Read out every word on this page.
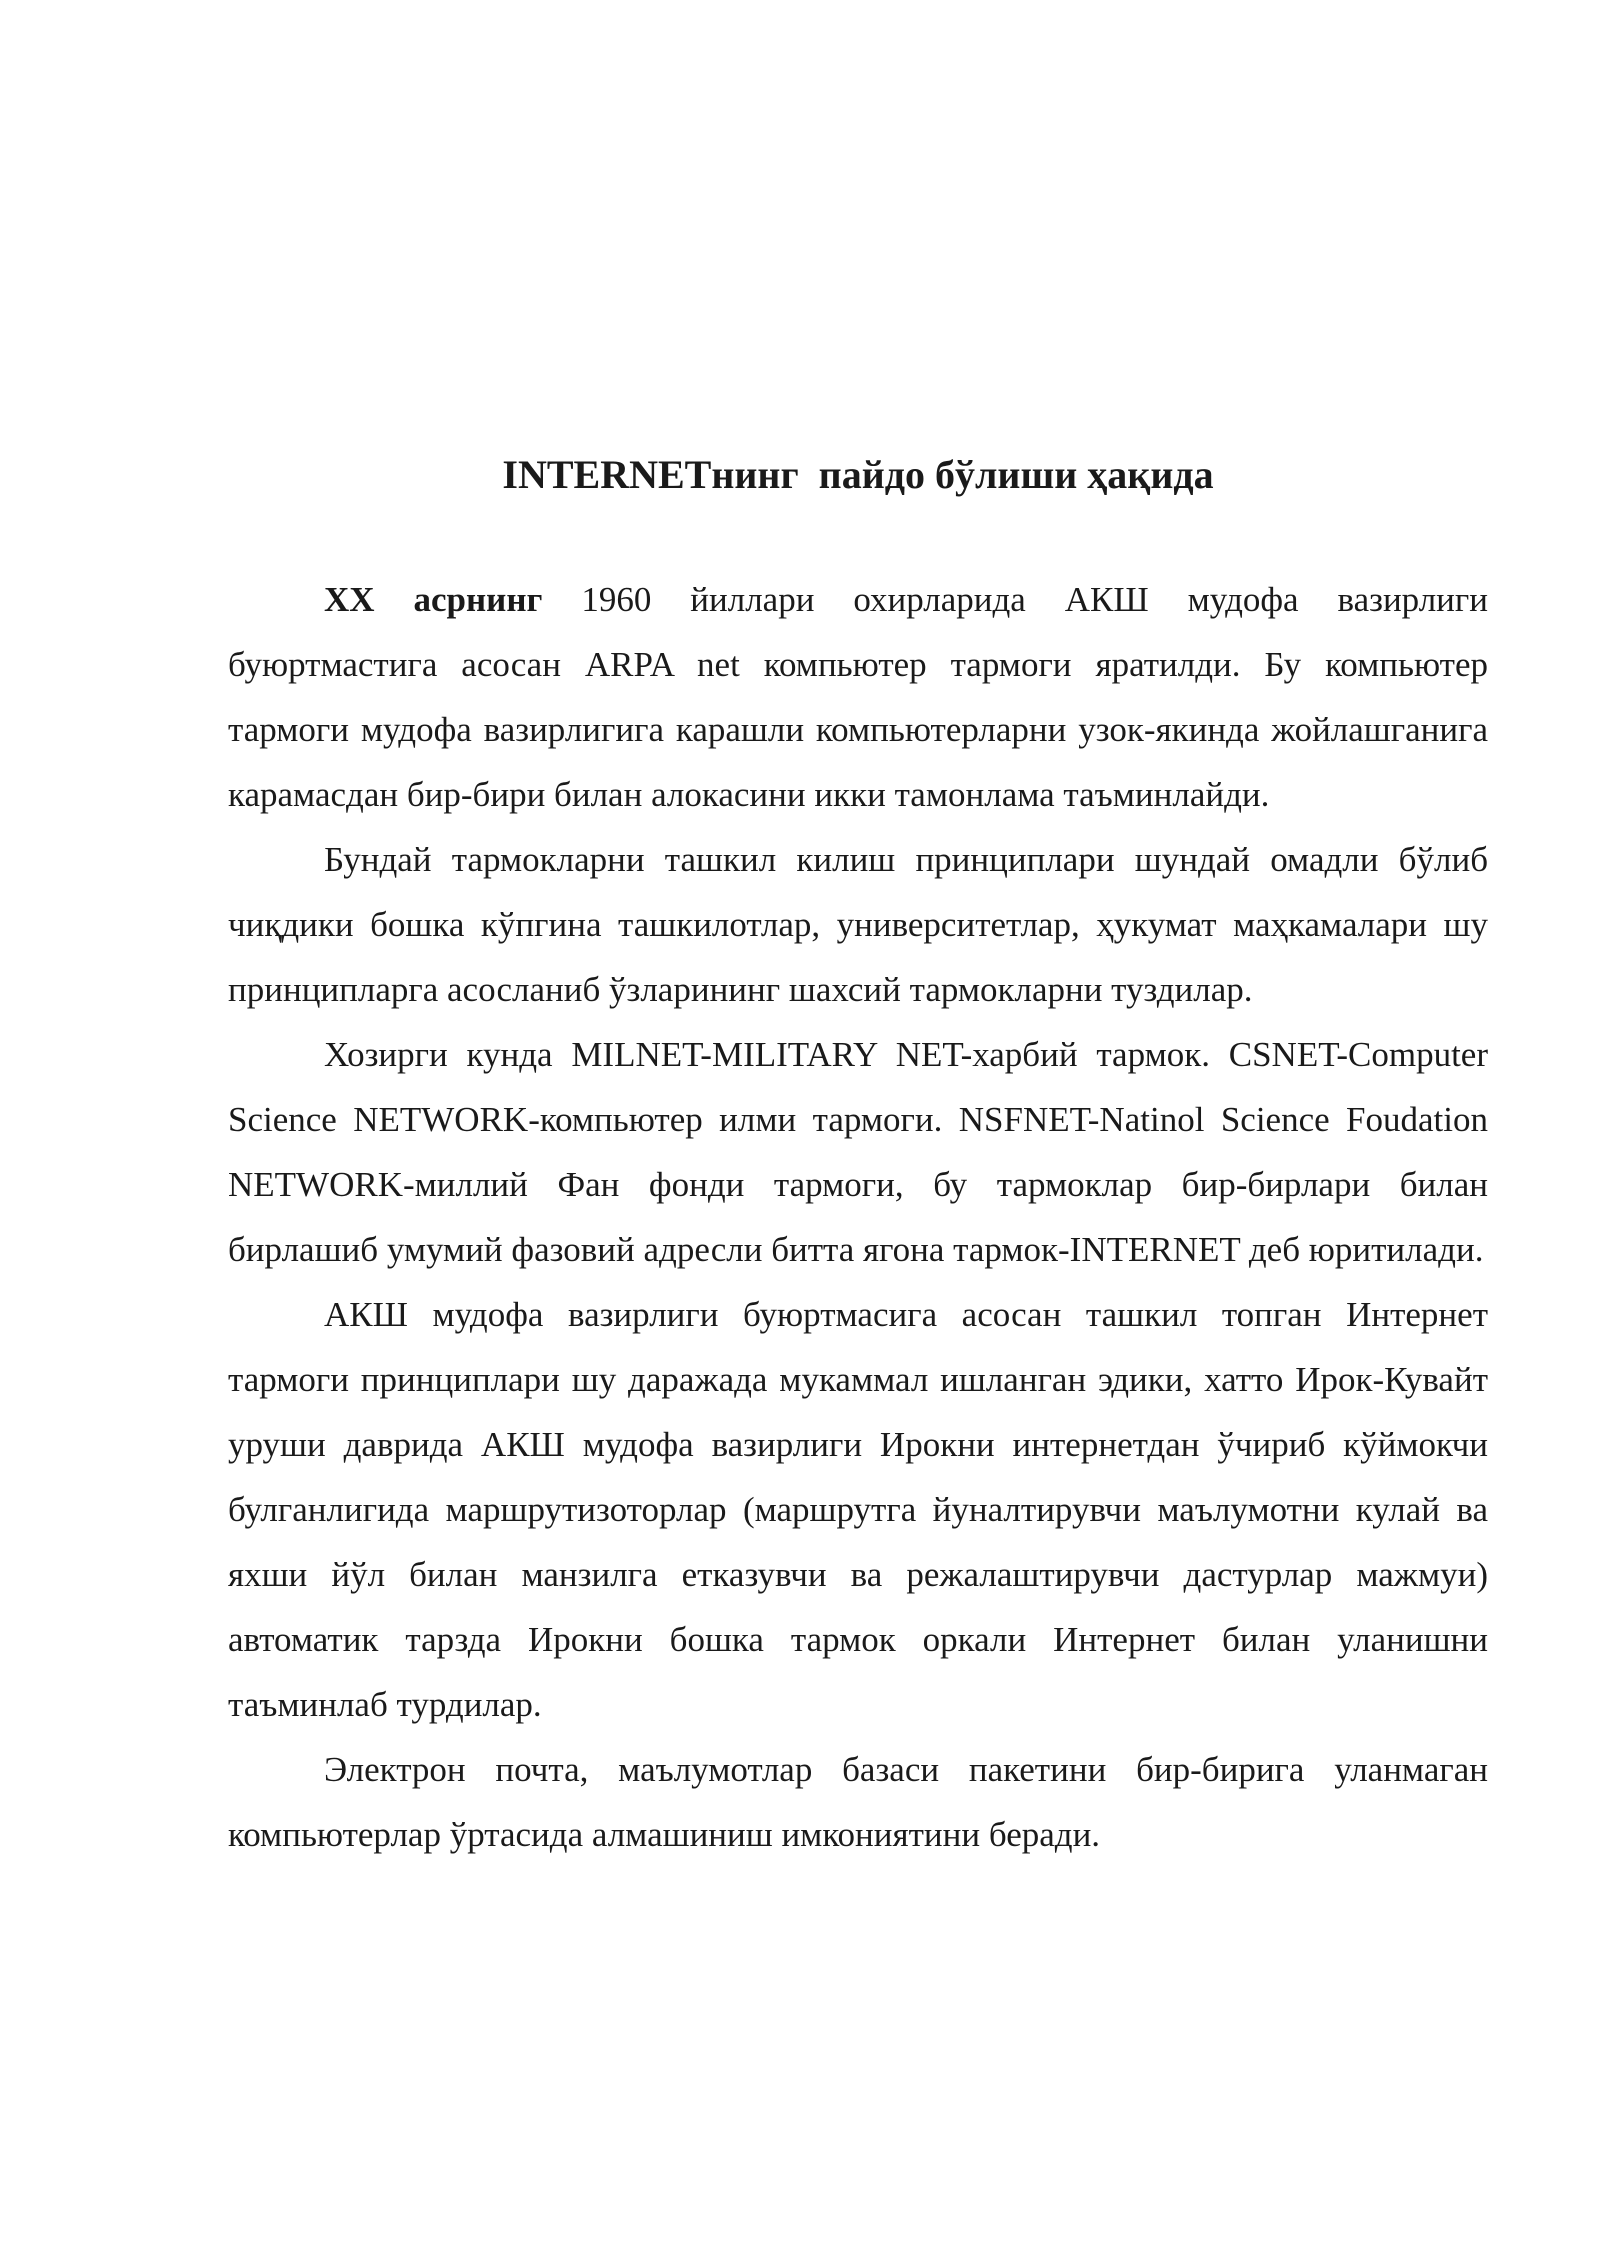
INTERNETнинг  пайдо бўлиши ҳақида

XX асрнинг 1960 йиллари охирларида АКШ мудофа вазирлиги буюртмастига асосан ARPA net компьютер тармоги яратилди. Бу компьютер тармоги мудофа вазирлигига карашли компьютерларни узок-якинда жойлашганига карамасдан бир-бири билан алокасини икки тамонлама таъминлайди.

Бундай тармокларни ташкил килиш принциплари шундай омадли бўлиб чиқдики бошка кўпгина ташкилотлар, университетлар, ҳукумат маҳкамалари шу принципларга асосланиб ўзларининг шахсий тармокларни туздилар.

Хозирги кунда MILNET-MILITARY NET-харбий тармок. CSNET-Computer Science NETWORK-компьютер илми тармоги. NSFNET-Natinol Science Foudation NETWORK-миллий Фан фонди тармоги, бу тармоклар бир-бирлари билан бирлашиб умумий фазовий адресли битта ягона тармок-INTERNET деб юритилади.

АКШ мудофа вазирлиги буюртмасига асосан ташкил топган Интернет тармоги принциплари шу даражада мукаммал ишланган эдики, хатто Ирок-Кувайт уруши даврида АКШ мудофа вазирлиги Ирокни интернетдан ўчириб кўймокчи булганлигида маршрутизоторлар (маршрутга йуналтирувчи маълумотни кулай ва яхши йўл билан манзилга етказувчи ва режалаштирувчи дастурлар мажмуи) автоматик тарзда Ирокни бошка тармок оркали Интернет билан уланишни таъминлаб турдилар.

Электрон почта, маълумотлар базаси пакетини бир-бирига уланмаган компьютерлар ўртасида алмашиниш имкониятини беради.
